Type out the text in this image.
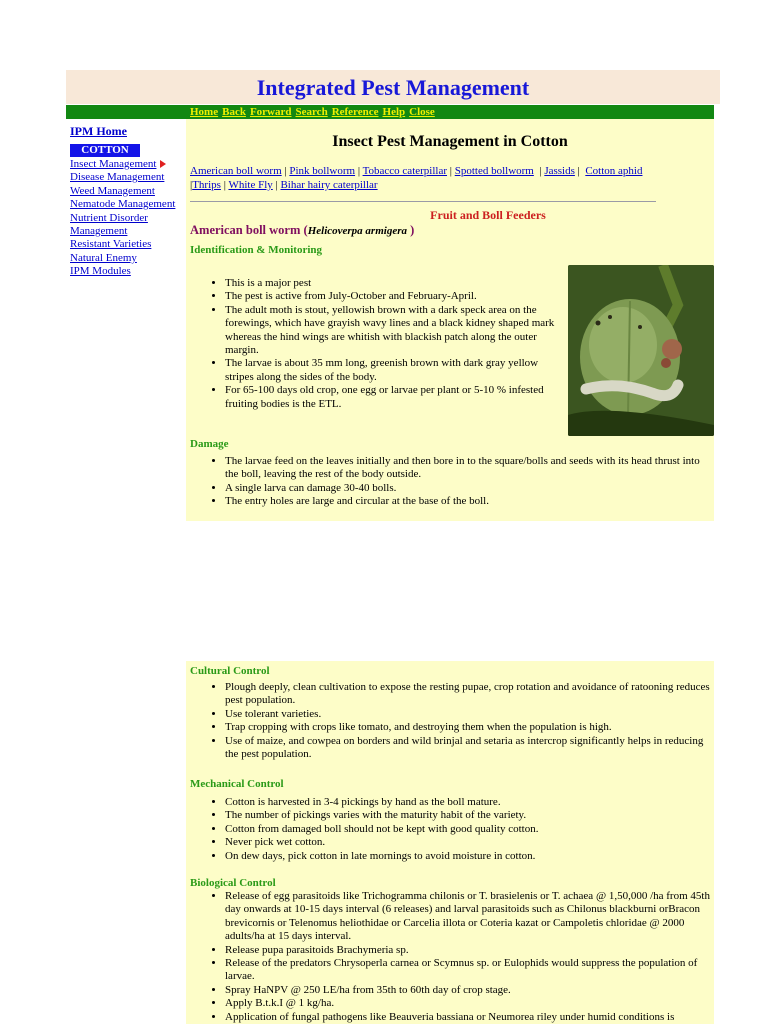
Integrated Pest Management
Home Back Forward Search Reference Help Close
IPM Home
COTTON
Insect Management
Disease Management
Weed Management
Nematode Management
Nutrient Disorder Management
Resistant Varieties
Natural Enemy
IPM Modules
Insect Pest Management in Cotton
American boll worm | Pink bollworm | Tobacco caterpillar | Spotted bollworm  | Jassids |  Cotton aphid |Thrips | White Fly | Bihar hairy caterpillar
Fruit and Boll Feeders
American boll worm (Helicoverpa armigera )
Identification & Monitoring
• This is a major pest
• The pest is active from July-October and February-April.
• The adult moth is stout, yellowish brown with a dark speck area on the forewings, which have grayish wavy lines and a black kidney shaped mark whereas the hind wings are whitish with blackish patch along the outer margin.
• The larvae is about 35 mm long, greenish brown with dark gray yellow stripes along the sides of the body.
• For 65-100 days old crop, one egg or larvae per plant or 5-10 % infested fruiting bodies is the ETL.
Damage
• The larvae feed on the leaves initially and then bore in to the square/bolls and seeds with its head thrust into the boll, leaving the rest of the body outside.
• A single larva can damage 30-40 bolls.
• The entry holes are large and circular at the base of the boll.
Cultural Control
• Plough deeply, clean cultivation to expose the resting pupae, crop rotation and avoidance of ratooning reduces pest population.
• Use tolerant varieties.
• Trap cropping with crops like tomato, and destroying them when the population is high.
• Use of maize, and cowpea on borders and wild brinjal and setaria as intercrop significantly helps in reducing the pest population.
Mechanical Control
• Cotton is harvested in 3-4 pickings by hand as the boll mature.
• The number of pickings varies with the maturity habit of the variety.
• Cotton from damaged boll should not be kept with good quality cotton.
• Never pick wet cotton.
• On dew days, pick cotton in late mornings to avoid moisture in cotton.
Biological Control
• Release of egg parasitoids like Trichogramma chilonis or T. brasielenis or T. achaea @ 1,50,000 /ha from 45th day onwards at 10-15 days interval (6 releases) and larval parasitoids such as Chilonus blackburni orBracon brevicornis or Telenomus heliothidae or Carcelia illota or Coteria kazat or Campoletis chloridae @ 2000 adults/ha at 15 days interval.
• Release pupa parasitoids Brachymeria sp.
• Release of the predators Chrysoperla carnea or Scymnus sp. or Eulophids would suppress the population of larvae.
• Spray HaNPV @ 250 LE/ha from 35th to 60th day of crop stage.
• Apply B.t.k.I @ 1 kg/ha.
• Application of fungal pathogens like Beauveria bassiana or Neumorea riley under humid conditions is
